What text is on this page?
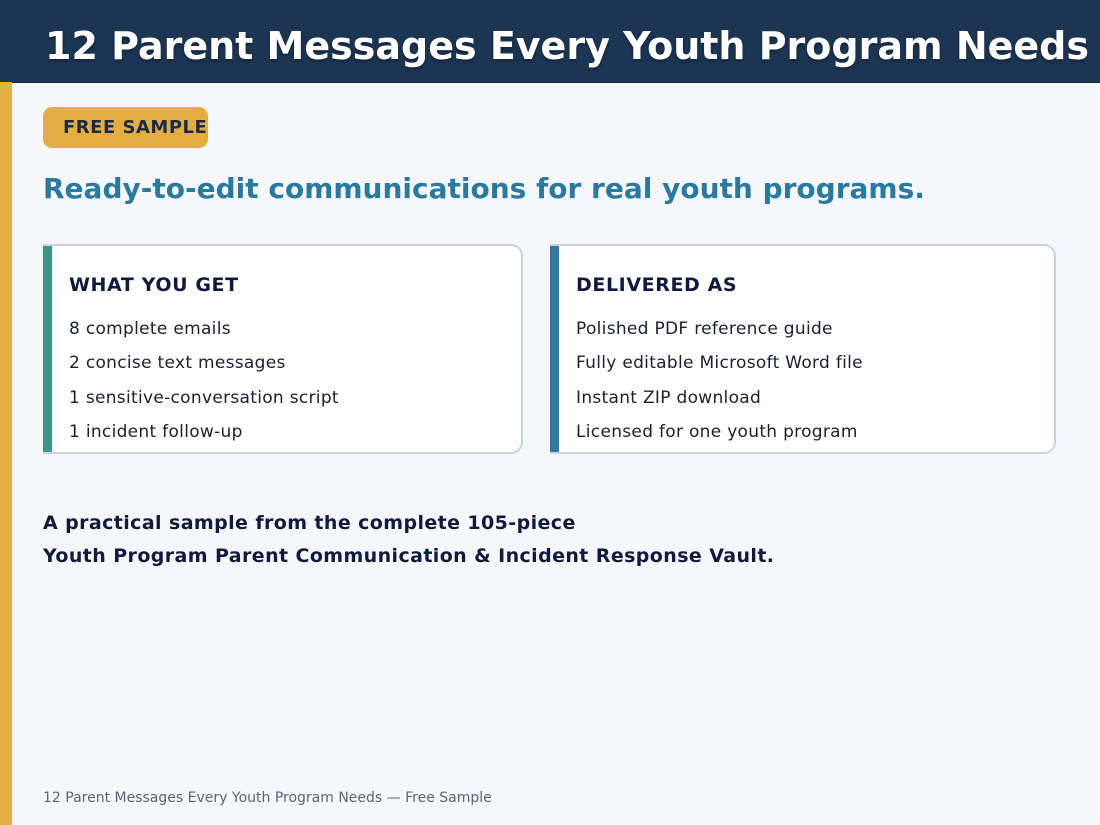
12 Parent Messages Every Youth Program Needs
FREE SAMPLE
Ready-to-edit communications for real youth programs.
WHAT YOU GET
8 complete emails
2 concise text messages
1 sensitive-conversation script
1 incident follow-up
DELIVERED AS
Polished PDF reference guide
Fully editable Microsoft Word file
Instant ZIP download
Licensed for one youth program

A practical sample from the complete 105-piece
Youth Program Parent Communication & Incident Response Vault.

12 Parent Messages Every Youth Program Needs — Free Sample
